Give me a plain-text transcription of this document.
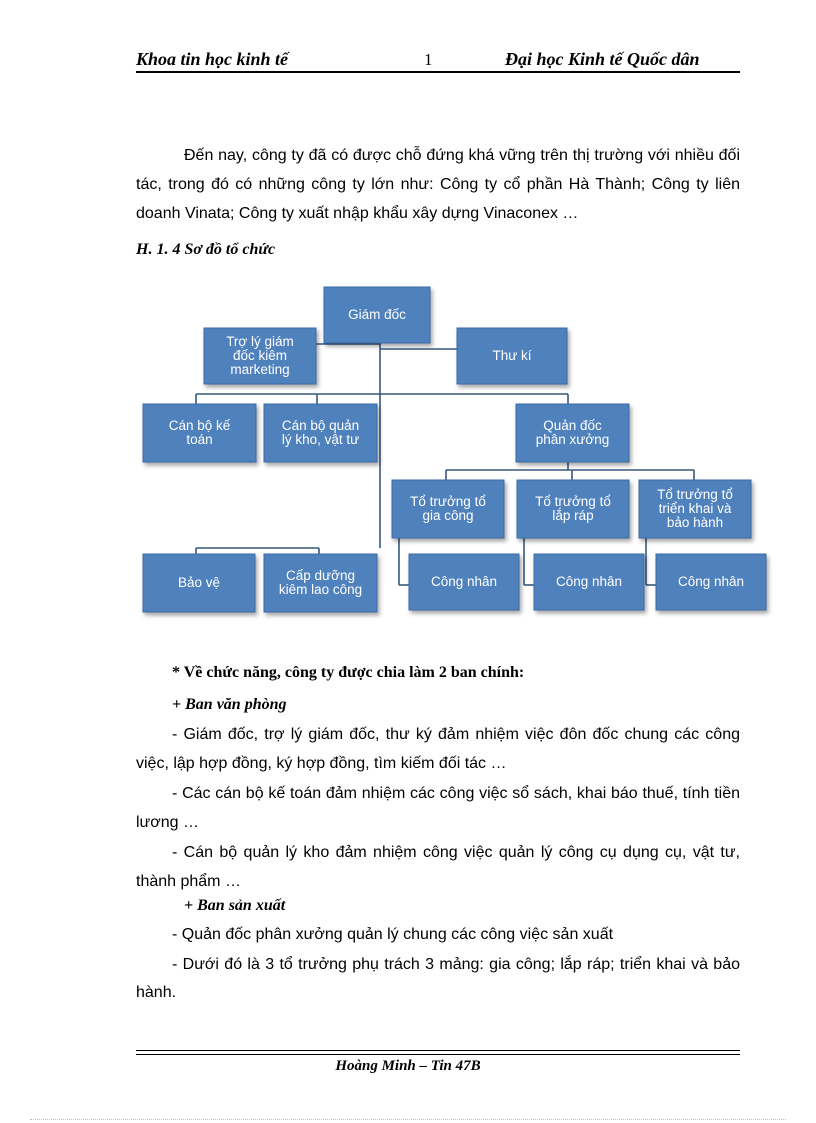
Khoa tin học kinh tế	1	Đại học Kinh tế Quốc dân
Đến nay, công ty đã có được chỗ đứng khá vững trên thị trường với nhiều đối tác, trong đó có những công ty lớn như: Công ty cổ phần Hà Thành; Công ty liên doanh Vinata; Công ty xuất nhập khẩu xây dựng Vinaconex …
H. 1. 4 Sơ đồ tổ chức
Giám đốc
Trợ lý giám
đốc kiêm
marketing
Thư kí
Cán bộ kế
toán
Cán bộ quản
lý kho, vật tư
Quản đốc
phân xưởng
Tổ trưởng tổ
gia công
Tổ trưởng tổ
lắp ráp
Tổ trưởng tổ
triển khai và
bảo hành
Bảo vệ	Cấp dưỡng
kiêm lao công
Công nhân	Công nhân	Công nhân
* Về chức năng, công ty được chia làm 2 ban chính:
+ Ban văn phòng
- Giám đốc, trợ lý giám đốc, thư ký đảm nhiệm việc đôn đốc chung các công
việc, lập hợp đồng, ký hợp đồng, tìm kiếm đối tác …
- Các cán bộ kế toán đảm nhiệm các công việc sổ sách, khai báo thuế, tính tiền
lương …
- Cán bộ quản lý kho đảm nhiệm công việc quản lý công cụ dụng cụ, vật tư,
thành phẩm …
+ Ban sản xuất
- Quản đốc phân xưởng quản lý chung các công việc sản xuất
- Dưới đó là 3 tổ trưởng phụ trách 3 mảng: gia công; lắp ráp; triển khai và bảo
hành.
Hoàng Minh – Tin 47B
